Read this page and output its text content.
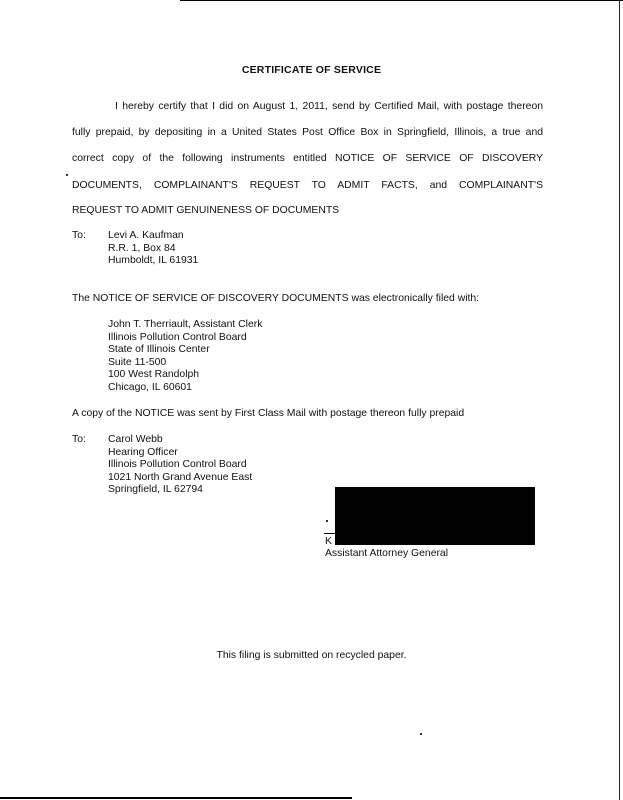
CERTIFICATE OF SERVICE
I hereby certify that I did on August 1, 2011, send by Certified Mail, with postage thereon
fully prepaid, by depositing in a United States Post Office Box in Springfield, Illinois, a true and
correct copy of the following instruments entitled NOTICE OF SERVICE OF DISCOVERY
DOCUMENTS, COMPLAINANT'S REQUEST TO ADMIT FACTS, and COMPLAINANT'S
REQUEST TO ADMIT GENUINENESS OF DOCUMENTS
To: Levi A. Kaufman
R.R. 1, Box 84
Humboldt, IL 61931
The NOTICE OF SERVICE OF DISCOVERY DOCUMENTS was electronically filed with:
John T. Therriault, Assistant Clerk
Illinois Pollution Control Board
State of Illinois Center
Suite 11-500
100 West Randolph
Chicago, IL 60601
A copy of the NOTICE was sent by First Class Mail with postage thereon fully prepaid
To: Carol Webb
Hearing Officer
Illinois Pollution Control Board
1021 North Grand Avenue East
Springfield, IL 62794
K
Assistant Attorney General
This filing is submitted on recycled paper.
